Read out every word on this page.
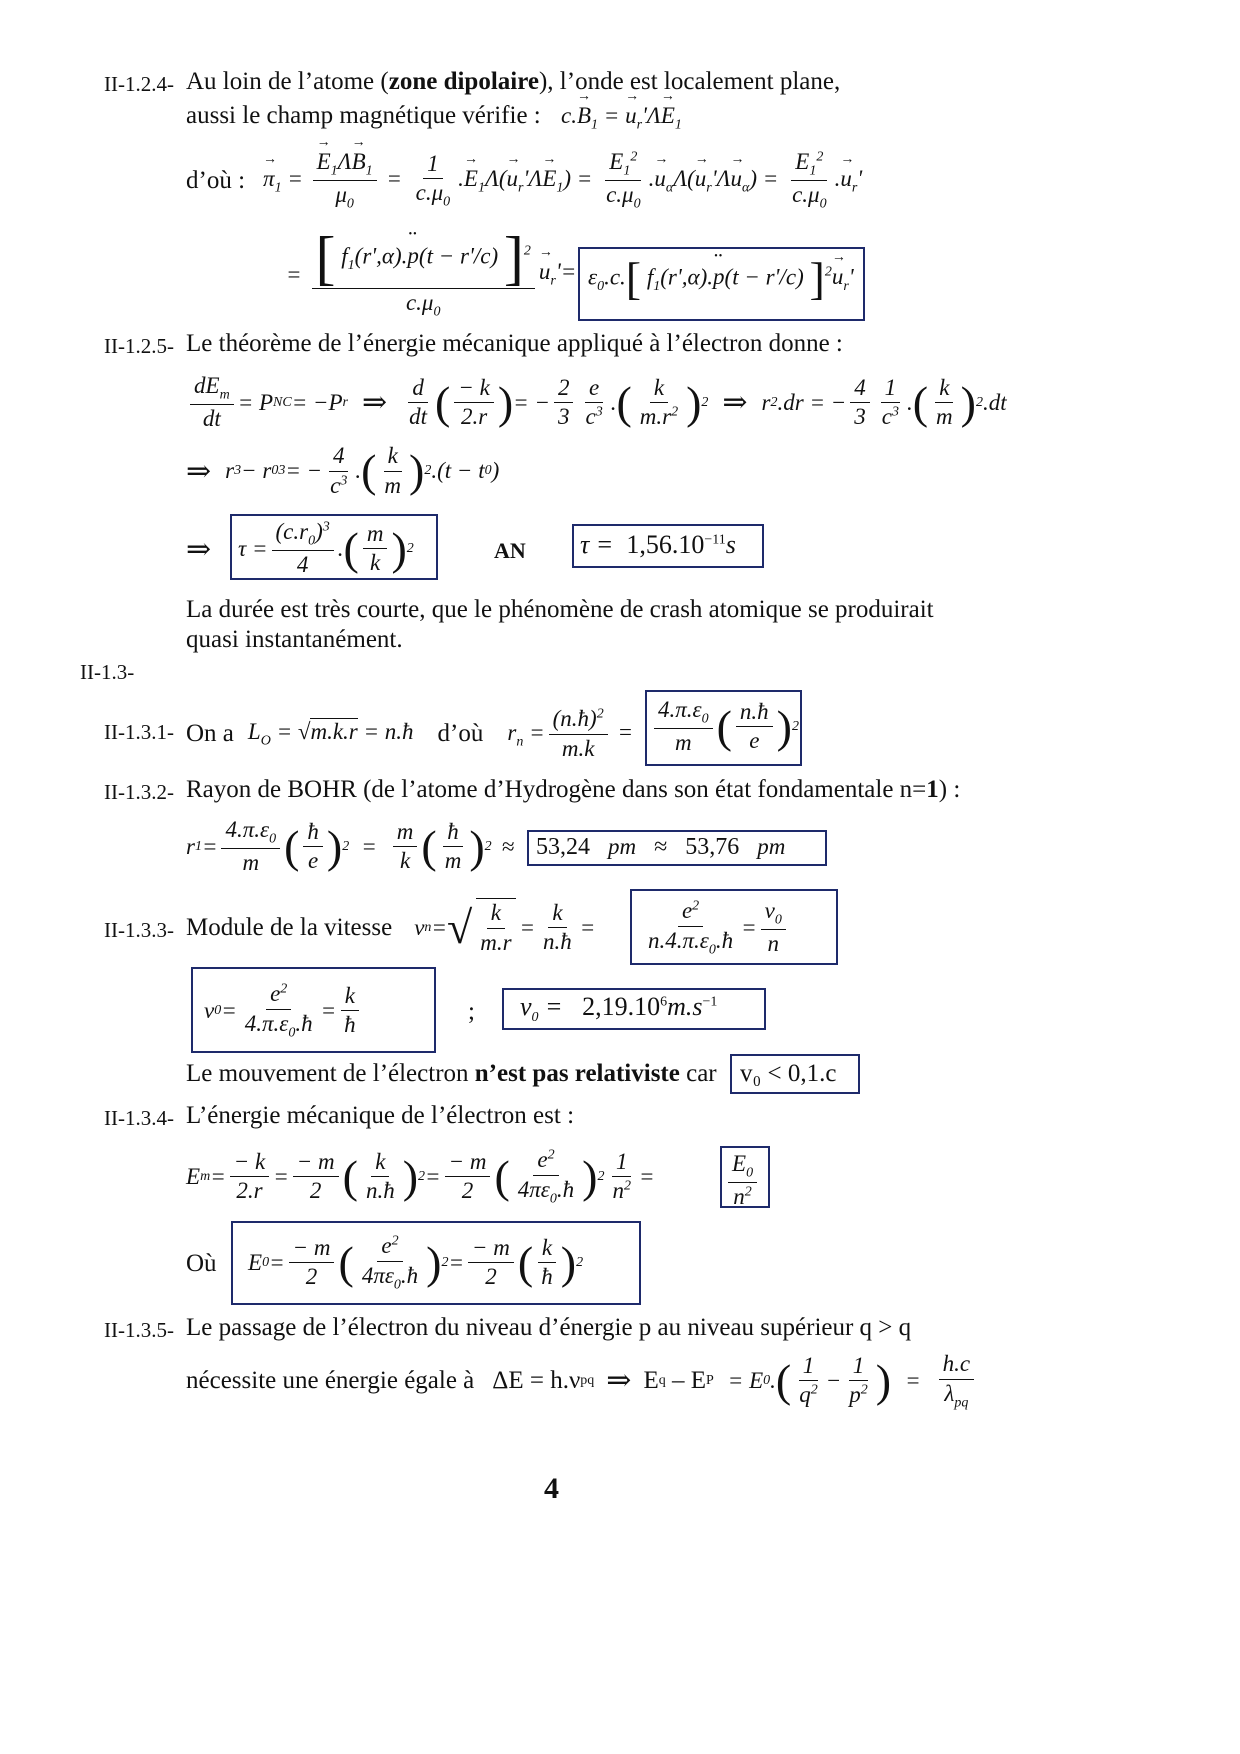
II-1.2.4- Au loin de l’atome (zone dipolaire), l’onde est localement plane,
aussi le champ magnétique vérifie : $c.\to B_1$ = → $u_r'\Lambda\to E_1$
d’où :
→ $\pi_1$ =
→ $\frac{E_1\Lambda\to B_1}{\mu_0} = \frac{1}{c.\mu_0}$ .→ $E_1\Lambda(\to u_r'\Lambda\to E_1) = \frac{E_1^2}{c.\mu_0}$ .→ $u_\alpha\Lambda(\to u_r'\Lambda\to u_\alpha) = \frac{E_1^2}{c.\mu_0}$ .→ $u_r'$
= $\frac{[ f_1(r',\alpha).•• p(t - r'/c) ]^2}{c.\mu_0}$
→ $u_r'= \varepsilon_0.c$.[ $f_1(r',\alpha).••$ p(t − r'/c) ]$^2\to u_r'$
II-1.2.5- Le théorème de l’énergie mécanique appliqué à l’électron donne :
$\frac{dE_m}{dt} = P$ NC = −P r ⇒ $\frac{d}{dt}$ ( $\frac{- k}{2.r}$ ) = − $\frac{2}{3} \frac{e}{c^3}$ . ( $\frac{k}{m.r^2}$ ) 2 ⇒ r 2 .dr = − $\frac{4}{3} \frac{1}{c^3}$ . ( $\frac{k}{m}$ ) 2 .dt
⇒ r 3 − r 0 3 = − $\frac{4}{c^3}$ . ( $\frac{k}{m}$ ) 2 .(t − t 0 )
⇒ $\tau = \frac{(c.r_0)^3}{4}$ . ( $\frac{m}{k}$ ) 2	AN $\tau = 1,56.10^{-11}s$
La durée est très courte, que le phénomène de crash atomique se produirait
quasi instantanément.
II-1.3-
II-1.3.1- On a $L_O = √m.k.r$ = n.ħ d’où $r_n = \frac{(n.ħ)^2}{m.k} = \frac{4.\pi.\varepsilon_0}{m}$ ( $\frac{n.ħ}{e}$ ) 2
II-1.3.2- Rayon de BOHR (de l’atome d’Hydrogène dans son état fondamentale n=1) :
r $1 = \frac{4.\pi.\varepsilon_0}{m}$ ( $\frac{ħ}{e}$ ) $2 = \frac{m}{k}$ ( $\frac{ħ}{m}$ ) 2 ≈ 53,24 pm ≈ 53,76 pm
II-1.3.3- Module de la vitesse v n = √ $\frac{k}{m.r} = \frac{k}{n.ħ} = \frac{e^2}{n.4.\pi.\varepsilon_0.ħ} = \frac{v_0}{n}$
v $0 = \frac{e^2}{4.\pi.\varepsilon_0.ħ} = \frac{k}{ħ}$	; $v_0 = 2,19.10^6m.s^{-1}$
Le mouvement de l’électron n’est pas relativiste car v₀ < 0,1.c
II-1.3.4- L’énergie mécanique de l’électron est :
E $m = \frac{- k}{2.r} = \frac{- m}{2}$ ( $\frac{k}{n.ħ}$ ) $2 = \frac{- m}{2}$ ( $\frac{e^2}{4\pi\varepsilon_0.ħ}$ ) $2 \frac{1}{n^2}$ =	$\frac{E_0}{n^2}$
Où E $0 = \frac{- m}{2}$ ( $\frac{e^2}{4\pi\varepsilon_0.ħ}$ ) $2 = \frac{- m}{2}$ ( $\frac{k}{ħ}$ ) 2
II-1.3.5- Le passage de l’électron du niveau d’énergie p au niveau supérieur q > q
nécessite une énergie égale à ΔE = h.ν pq ⇒ E q – E P = E 0 . ( $\frac{1}{q^2} - \frac{1}{p^2}$ ) = $\frac{h.c}{\lambda_{pq}}$
4
